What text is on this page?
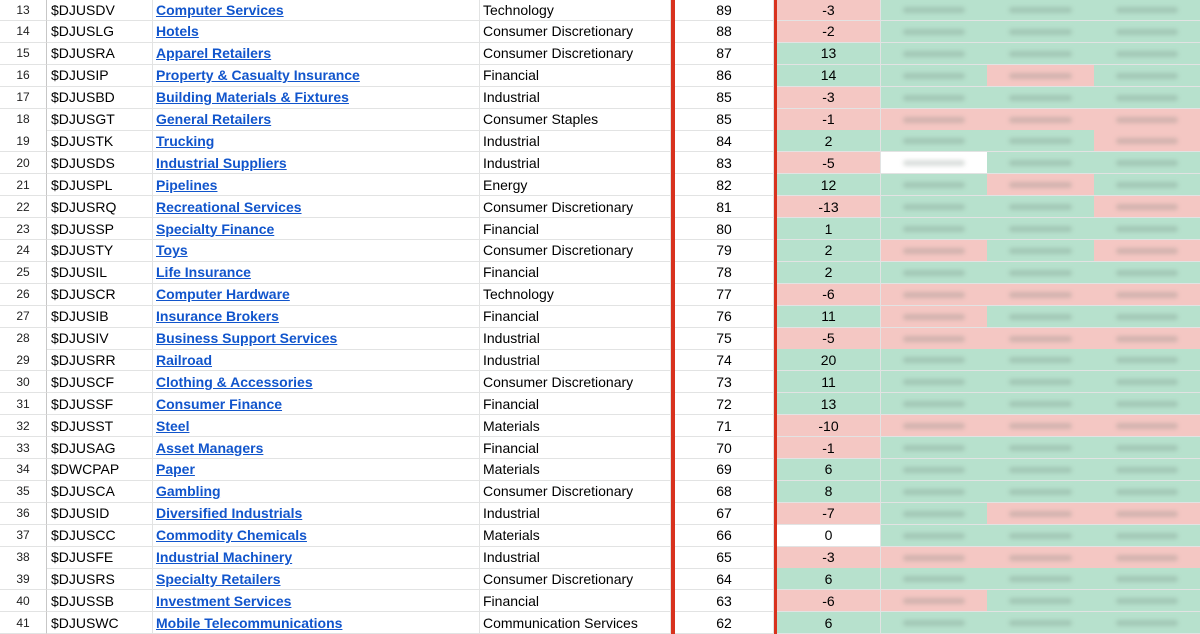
13	$DJUSDV	Computer Services	Technology	89	-3
14	$DJUSLG	Hotels	Consumer Discretionary	88	-2
15	$DJUSRA	Apparel Retailers	Consumer Discretionary	87	13
16	$DJUSIP	Property & Casualty Insurance	Financial	86	14
17	$DJUSBD	Building Materials & Fixtures	Industrial	85	-3
18	$DJUSGT	General Retailers	Consumer Staples	85	-1
19	$DJUSTK	Trucking	Industrial	84	2
20	$DJUSDS	Industrial Suppliers	Industrial	83	-5
21	$DJUSPL	Pipelines	Energy	82	12
22	$DJUSRQ	Recreational Services	Consumer Discretionary	81	-13
23	$DJUSSP	Specialty Finance	Financial	80	1
24	$DJUSTY	Toys	Consumer Discretionary	79	2
25	$DJUSIL	Life Insurance	Financial	78	2
26	$DJUSCR	Computer Hardware	Technology	77	-6
27	$DJUSIB	Insurance Brokers	Financial	76	11
28	$DJUSIV	Business Support Services	Industrial	75	-5
29	$DJUSRR	Railroad	Industrial	74	20
30	$DJUSCF	Clothing & Accessories	Consumer Discretionary	73	11
31	$DJUSSF	Consumer Finance	Financial	72	13
32	$DJUSST	Steel	Materials	71	-10
33	$DJUSAG	Asset Managers	Financial	70	-1
34	$DWCPAP	Paper	Materials	69	6
35	$DJUSCA	Gambling	Consumer Discretionary	68	8
36	$DJUSID	Diversified Industrials	Industrial	67	-7
37	$DJUSCC	Commodity Chemicals	Materials	66	0
38	$DJUSFE	Industrial Machinery	Industrial	65	-3
39	$DJUSRS	Specialty Retailers	Consumer Discretionary	64	6
40	$DJUSSB	Investment Services	Financial	63	-6
41	$DJUSWC	Mobile Telecommunications	Communication Services	62	6
